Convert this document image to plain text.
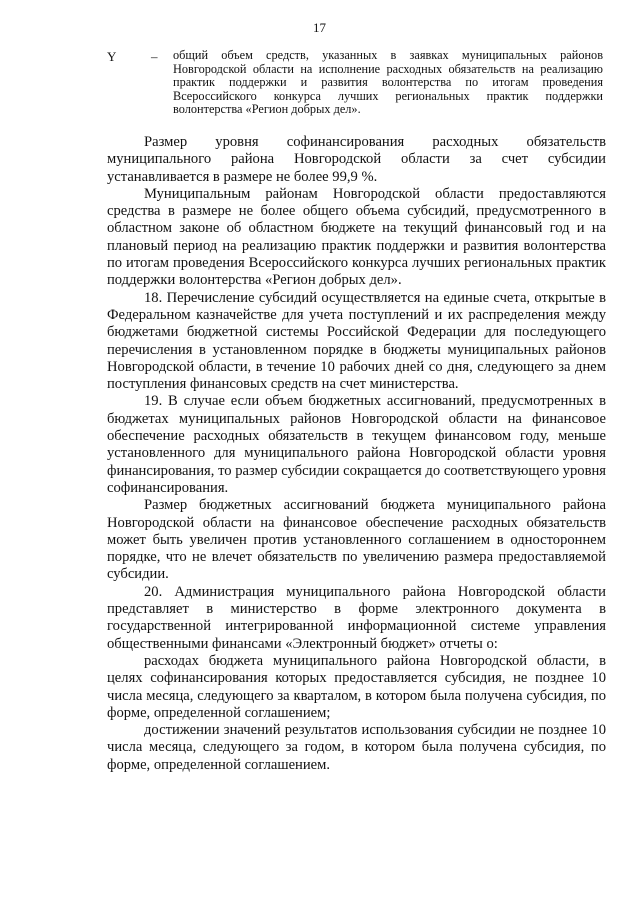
17
Y	– общий объем средств, указанных в заявках муниципальных районов Новгородской области на исполнение расходных обязательств на реализацию практик поддержки и развития волонтерства по итогам проведения Всероссийского конкурса лучших региональных практик поддержки волонтерства «Регион добрых дел».

Размер уровня софинансирования расходных обязательств муниципального района Новгородской области за счет субсидии устанавливается в размере не более 99,9 %.

Муниципальным районам Новгородской области предоставляются средства в размере не более общего объема субсидий, предусмотренного в областном законе об областном бюджете на текущий финансовый год и на плановый период на реализацию практик поддержки и развития волонтерства по итогам проведения Всероссийского конкурса лучших региональных практик поддержки волонтерства «Регион добрых дел».

18. Перечисление субсидий осуществляется на единые счета, открытые в Федеральном казначействе для учета поступлений и их распределения между бюджетами бюджетной системы Российской Федерации для последующего перечисления в установленном порядке в бюджеты муниципальных районов Новгородской области, в течение 10 рабочих дней со дня, следующего за днем поступления финансовых средств на счет министерства.

19. В случае если объем бюджетных ассигнований, предусмотренных в бюджетах муниципальных районов Новгородской области на финансовое обеспечение расходных обязательств в текущем финансовом году, меньше установленного для муниципального района Новгородской области уровня финансирования, то размер субсидии сокращается до соответствующего уровня софинансирования.

Размер бюджетных ассигнований бюджета муниципального района Новгородской области на финансовое обеспечение расходных обязательств может быть увеличен против установленного соглашением в одностороннем порядке, что не влечет обязательств по увеличению размера предоставляемой субсидии.

20. Администрация муниципального района Новгородской области представляет в министерство в форме электронного документа в государственной интегрированной информационной системе управления общественными финансами «Электронный бюджет» отчеты о:

расходах бюджета муниципального района Новгородской области, в целях софинансирования которых предоставляется субсидия, не позднее 10 числа месяца, следующего за кварталом, в котором была получена субсидия, по форме, определенной соглашением;

достижении значений результатов использования субсидии не позднее 10 числа месяца, следующего за годом, в котором была получена субсидия, по форме, определенной соглашением.
